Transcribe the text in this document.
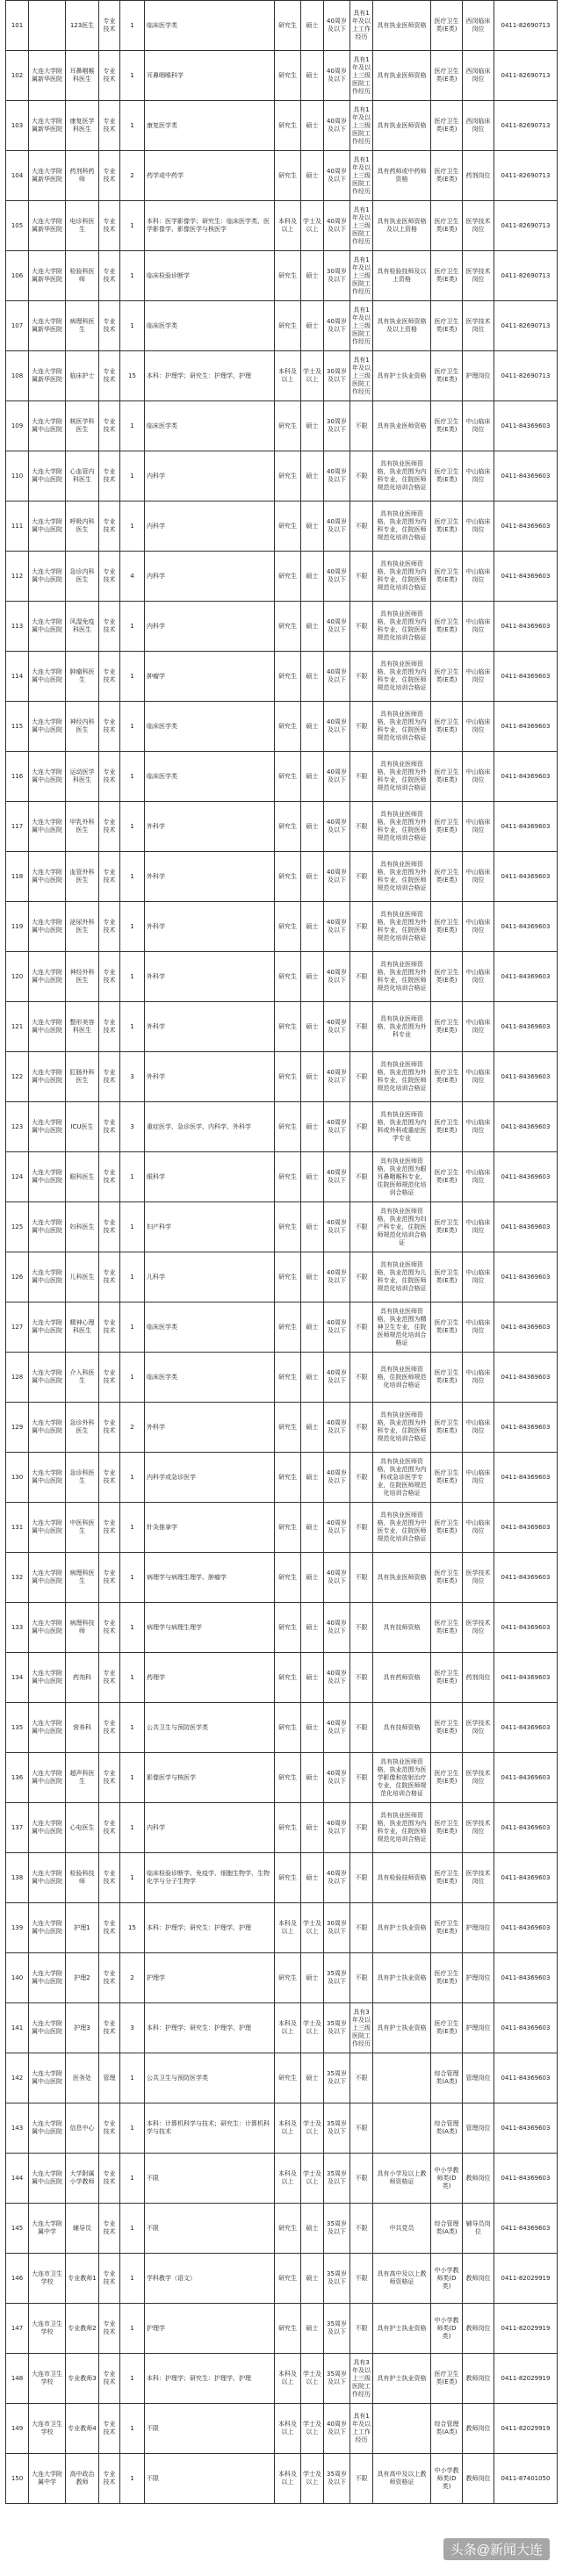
101		123医生	专业技术	1	临床医学类	研究生	硕士	40周岁及以下	具有1年及以上工作经历	具有执业医师资格	医疗卫生类(E类)	西岗临床岗位	0411-82690713
102	大连大学附属新华医院	耳鼻咽喉科医生	专业技术	1	耳鼻咽喉科学	研究生	硕士	40周岁及以下	具有1年及以上三级医院工作经历	具有执业医师资格	医疗卫生类(E类)	西岗临床岗位	0411-82690713
103	大连大学附属新华医院	康复医学科医生	专业技术	1	康复医学类	研究生	硕士	40周岁及以下	具有1年及以上三级医院工作经历	具有执业医师资格	医疗卫生类(E类)	西岗临床岗位	0411-82690713
104	大连大学附属新华医院	药剂科药师	专业技术	2	药学或中药学	研究生	硕士	40周岁及以下	具有1年及以上三级医院工作经历	具有药师或中药师资格	医疗卫生类(E类)	药剂岗位	0411-82690713
105	大连大学附属新华医院	电诊科医生	专业技术	1	本科：医学影像学；研究生：临床医学类、医学影像学、影像医学与核医学	本科及以上	学士及以上	40周岁及以下	具有1年及以上三级医院工作经历	具有执业医师资格及以上资格	医疗卫生类(E类)	医学技术岗位	0411-82690713
106	大连大学附属新华医院	检验科医师	专业技术	1	临床检验诊断学	研究生	硕士	30周岁及以下	具有1年及以上三级医院工作经历	具有检验技师及以上资格	医疗卫生类(E类)	医学技术岗位	0411-82690713
107	大连大学附属新华医院	病理科医生	专业技术	1	临床医学类	研究生	硕士	40周岁及以下	具有1年及以上三级医院工作经历	具有执业医师资格及以上资格	医疗卫生类(E类)	医学技术岗位	0411-82690713
108	大连大学附属新华医院	临床护士	专业技术	15	本科：护理学；研究生：护理学、护理	本科及以上	学士及以上	30周岁及以下	具有1年及以上三级医院工作经历	具有护士执业资格	医疗卫生类(E类)	护理岗位	0411-82690713
109	大连大学附属中山医院	核医学科医生	专业技术	1	临床医学类	研究生	硕士	30周岁及以下	不限	具有执业医师资格	医疗卫生类(E类)	中山临床岗位	0411-84369603
110	大连大学附属中山医院	心血管内科医生	专业技术	1	内科学	研究生	硕士	40周岁及以下	不限	具有执业医师资格，执业范围为内科专业，住院医师规范化培训合格证	医疗卫生类(E类)	中山临床岗位	0411-84369603
111	大连大学附属中山医院	呼吸内科医生	专业技术	1	内科学	研究生	硕士	40周岁及以下	不限	具有执业医师资格，执业范围为内科专业，住院医师规范化培训合格证	医疗卫生类(E类)	中山临床岗位	0411-84369603
112	大连大学附属中山医院	急诊内科医生	专业技术	4	内科学	研究生	硕士	40周岁及以下	不限	具有执业医师资格，执业范围为内科专业，住院医师规范化培训合格证	医疗卫生类(E类)	中山临床岗位	0411-84369603
113	大连大学附属中山医院	风湿免疫科医生	专业技术	1	内科学	研究生	硕士	40周岁及以下	不限	具有执业医师资格，执业范围为内科专业，住院医师规范化培训合格证	医疗卫生类(E类)	中山临床岗位	0411-84369603
114	大连大学附属中山医院	肿瘤科医生	专业技术	1	肿瘤学	研究生	硕士	40周岁及以下	不限	具有执业医师资格，执业范围为内科专业，住院医师规范化培训合格证	医疗卫生类(E类)	中山临床岗位	0411-84369603
115	大连大学附属中山医院	神经内科医生	专业技术	1	临床医学类	研究生	硕士	40周岁及以下	不限	具有执业医师资格，执业范围为内科专业，住院医师规范化培训合格证	医疗卫生类(E类)	中山临床岗位	0411-84369603
116	大连大学附属中山医院	运动医学科医生	专业技术	1	临床医学类	研究生	硕士	40周岁及以下	不限	具有执业医师资格，执业范围为外科专业，住院医师规范化培训合格证	医疗卫生类(E类)	中山临床岗位	0411-84369603
117	大连大学附属中山医院	甲乳外科医生	专业技术	1	外科学	研究生	硕士	40周岁及以下	不限	具有执业医师资格，执业范围为外科专业，住院医师规范化培训合格证	医疗卫生类(E类)	中山临床岗位	0411-84369603
118	大连大学附属中山医院	血管外科医生	专业技术	1	外科学	研究生	硕士	40周岁及以下	不限	具有执业医师资格，执业范围为外科专业，住院医师规范化培训合格证	医疗卫生类(E类)	中山临床岗位	0411-84369603
119	大连大学附属中山医院	泌尿外科医生	专业技术	1	外科学	研究生	硕士	40周岁及以下	不限	具有执业医师资格，执业范围为外科专业，住院医师规范化培训合格证	医疗卫生类(E类)	中山临床岗位	0411-84369603
120	大连大学附属中山医院	神经外科医生	专业技术	1	外科学	研究生	硕士	40周岁及以下	不限	具有执业医师资格，执业范围为外科专业，住院医师规范化培训合格证	医疗卫生类(E类)	中山临床岗位	0411-84369603
121	大连大学附属中山医院	整形美容科医生	专业技术	1	外科学	研究生	硕士	40周岁及以下	不限	具有执业医师资格，执业范围为外科专业	医疗卫生类(E类)	中山临床岗位	0411-84369603
122	大连大学附属中山医院	肛肠外科医生	专业技术	3	外科学	研究生	硕士	40周岁及以下	不限	具有执业医师资格，执业范围为外科专业，住院医师规范化培训合格证	医疗卫生类(E类)	中山临床岗位	0411-84369603
123	大连大学附属中山医院	ICU医生	专业技术	3	重症医学、急诊医学、内科学、外科学	研究生	硕士	40周岁及以下	不限	具有执业医师资格，执业范围为内科或外科或重症医学专业	医疗卫生类(E类)	中山临床岗位	0411-84369603
124	大连大学附属中山医院	眼科医生	专业技术	1	眼科学	研究生	硕士	40周岁及以下	不限	具有执业医师资格，执业范围为眼耳鼻咽喉科专业，住院医师规范化培训合格证	医疗卫生类(E类)	中山临床岗位	0411-84369603
125	大连大学附属中山医院	妇科医生	专业技术	1	妇产科学	研究生	硕士	40周岁及以下	不限	具有执业医师资格，执业范围为妇产科专业，住院医师规范化培训合格证	医疗卫生类(E类)	中山临床岗位	0411-84369603
126	大连大学附属中山医院	儿科医生	专业技术	1	儿科学	研究生	硕士	40周岁及以下	不限	具有执业医师资格，执业范围为儿科专业，住院医师规范化培训合格证	医疗卫生类(E类)	中山临床岗位	0411-84369603
127	大连大学附属中山医院	精神心理科医生	专业技术	1	临床医学类	研究生	硕士	40周岁及以下	不限	具有执业医师资格，执业范围为精神卫生专业，住院医师规范化培训合格证	医疗卫生类(E类)	中山临床岗位	0411-84369603
128	大连大学附属中山医院	介入科医生	专业技术	1	临床医学类	研究生	硕士	40周岁及以下	不限	具有执业医师资格，住院医师规范化培训合格证	医疗卫生类(E类)	中山临床岗位	0411-84369603
129	大连大学附属中山医院	急诊外科医生	专业技术	2	外科学	研究生	硕士	40周岁及以下	不限	具有执业医师资格，执业范围为外科专业，住院医师规范化培训合格证	医疗卫生类(E类)	中山临床岗位	0411-84369603
130	大连大学附属中山医院	急诊科医生	专业技术	1	内科学或急诊医学	研究生	硕士	40周岁及以下	不限	具有执业医师资格，执业范围为内科或急诊医学专业，住院医师规范化培训合格证	医疗卫生类(E类)	中山临床岗位	0411-84369603
131	大连大学附属中山医院	中医科医生	专业技术	1	针灸推拿学	研究生	硕士	40周岁及以下	不限	具有执业医师资格，执业范围为中医专业，住院医师规范化培训合格证	医疗卫生类(E类)	中山临床岗位	0411-84369603
132	大连大学附属中山医院	病理科医生	专业技术	1	病理学与病理生理学、肿瘤学	研究生	硕士	40周岁及以下	不限	具有执业医师资格	医疗卫生类(E类)	医学技术岗位	0411-84369603
133	大连大学附属中山医院	病理科技师	专业技术	1	病理学与病理生理学	研究生	硕士	40周岁及以下	不限	具有技师资格	医疗卫生类(E类)	医学技术岗位	0411-84369603
134	大连大学附属中山医院	药剂科	专业技术	1	药理学	研究生	硕士	40周岁及以下	不限	具有药师资格	医疗卫生类(E类)	药剂岗位	0411-84369603
135	大连大学附属中山医院	营养科	专业技术	1	公共卫生与预防医学类	研究生	硕士	40周岁及以下	不限	具有技师资格	医疗卫生类(E类)	医学技术岗位	0411-84369603
136	大连大学附属中山医院	超声科医生	专业技术	1	影像医学与核医学	研究生	硕士	40周岁及以下	不限	具有执业医师资格，执业范围为医学影像和放射治疗专业，住院医师规范化培训合格证	医疗卫生类(E类)	医学技术岗位	0411-84369603
137	大连大学附属中山医院	心电医生	专业技术	1	内科学	研究生	硕士	40周岁及以下	不限	具有执业医师资格，执业范围为内科专业，住院医师规范化培训合格证	医疗卫生类(E类)	医学技术岗位	0411-84369603
138	大连大学附属中山医院	检验科技师	专业技术	1	临床检验诊断学、免疫学、细胞生物学、生物化学与分子生物学	研究生	硕士	40周岁及以下	不限	具有检验技师资格	医疗卫生类(E类)	医学技术岗位	0411-84369603
139	大连大学附属中山医院	护理1	专业技术	15	本科：护理学；研究生：护理学、护理	本科及以上	学士及以上	30周岁及以下	不限	具有护士执业资格	医疗卫生类(E类)	护理岗位	0411-84369603
140	大连大学附属中山医院	护理2	专业技术	2	护理学	研究生	硕士	35周岁及以下	不限	具有护士执业资格	医疗卫生类(E类)	护理岗位	0411-84369603
141	大连大学附属中山医院	护理3	专业技术	3	本科：护理学；研究生：护理学、护理	本科及以上	学士及以上	35周岁及以下	具有3年及以上三级医院工作经历	具有护士执业资格	医疗卫生类(E类)	护理岗位	0411-84369603
142	大连大学附属中山医院	医务处	管理	1	公共卫生与预防医学类	研究生	硕士	35周岁及以下	不限		综合管理类(A类)	管理岗位	0411-84369603
143	大连大学附属中山医院	信息中心	专业技术	1	本科：计算机科学与技术；研究生：计算机科学与技术	本科及以上	学士及以上	35周岁及以下	不限		综合管理类(A类)	管理岗位	0411-84369603
144	大连大学附属中山医院	大学附属小学教师	专业技术	1	不限	本科及以上	学士及以上	35周岁及以下	不限	具有小学及以上教师资格证	中小学教师类(D类)	教师岗位	0411-84369603
145	大连大学附属中学	辅导员	专业技术	1	不限	研究生	硕士	35周岁及以下	不限	中共党员	综合管理类(A类)	辅导员岗位	0411-84369603
146	大连市卫生学校	专业教师1	专业技术	1	学科教学（语文）	研究生	硕士	35周岁及以下	不限	具有高中及以上教师资格证	中小学教师类(D类)	教师岗位	0411-82029919
147	大连市卫生学校	专业教师2	专业技术	1	护理学	研究生	硕士	35周岁及以下	不限	具有护士执业资格	中小学教师类(D类)	教师岗位	0411-82029919
148	大连市卫生学校	专业教师3	专业技术	1	本科：护理学；研究生：护理学、护理	本科及以上	学士及以上	35周岁及以下	具有3年及以上三级医院工作经历	具有护士执业资格	医疗卫生类(E类)	教师岗位	0411-82029919
149	大连市卫生学校	专业教师4	专业技术	1	不限	本科及以上	学士及以上	40周岁及以下	具有1年及以上工作经历		综合管理类(A类)	教师岗位	0411-82029919
150	大连大学附属中学	高中政治教师	专业技术	1	不限	本科及以上	学士及以上	35周岁及以下	不限	具有高中及以上教师资格证	中小学教师类(D类)	教师岗位	0411-87401050
头条@新闻大连
